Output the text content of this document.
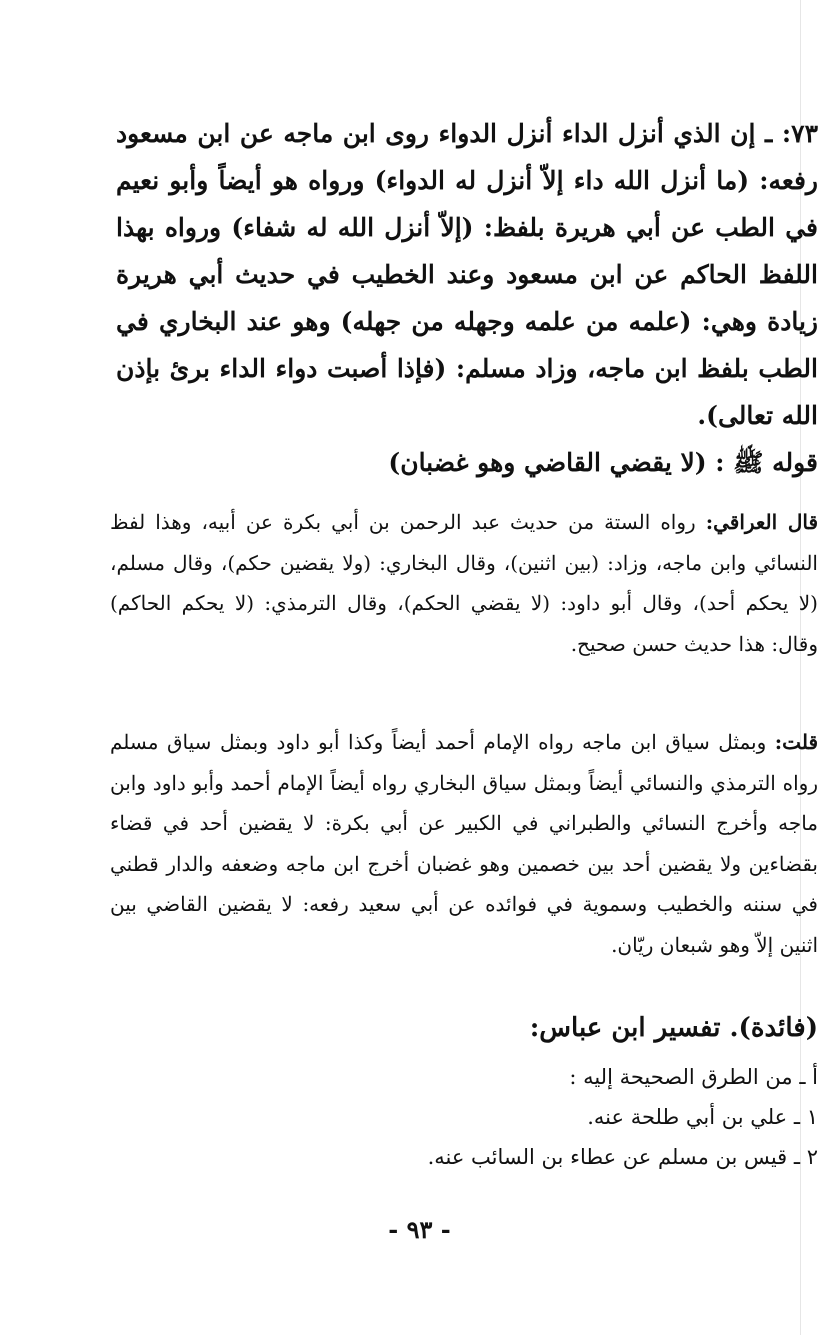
٧٣: ـ إن الذي أنزل الداء أنزل الدواء روى ابن ماجه عن ابن مسعود رفعه: (ما أنزل الله داء إلاّ أنزل له الدواء) ورواه هو أيضاً وأبو نعيم في الطب عن أبي هريرة بلفظ: (إلاّ أنزل الله له شفاء) ورواه بهذا اللفظ الحاكم عن ابن مسعود وعند الخطيب في حديث أبي هريرة زيادة وهي: (علمه من علمه وجهله من جهله) وهو عند البخاري في الطب بلفظ ابن ماجه، وزاد مسلم: (فإذا أصبت دواء الداء برئ بإذن الله تعالى).

قوله ﷺ : (لا يقضي القاضي وهو غضبان)

قال العراقي: رواه الستة من حديث عبد الرحمن بن أبي بكرة عن أبيه، وهذا لفظ النسائي وابن ماجه، وزاد: (بين اثنين)، وقال البخاري: (ولا يقضين حكم)، وقال مسلم، (لا يحكم أحد)، وقال أبو داود: (لا يقضي الحكم)، وقال الترمذي: (لا يحكم الحاكم) وقال: هذا حديث حسن صحيح.

قلت: وبمثل سياق ابن ماجه رواه الإمام أحمد أيضاً وكذا أبو داود وبمثل سياق مسلم رواه الترمذي والنسائي أيضاً وبمثل سياق البخاري رواه أيضاً الإمام أحمد وأبو داود وابن ماجه وأخرج النسائي والطبراني في الكبير عن أبي بكرة: لا يقضين أحد في قضاء بقضاءين ولا يقضين أحد بين خصمين وهو غضبان أخرج ابن ماجه وضعفه والدار قطني في سننه والخطيب وسموية في فوائده عن أبي سعيد رفعه: لا يقضين القاضي بين اثنين إلاّ وهو شبعان ريّان.

(فائدة). تفسير ابن عباس:

أ ـ من الطرق الصحيحة إليه :
١ ـ علي بن أبي طلحة عنه.
٢ ـ قيس بن مسلم عن عطاء بن السائب عنه.
- ٩٣ -
